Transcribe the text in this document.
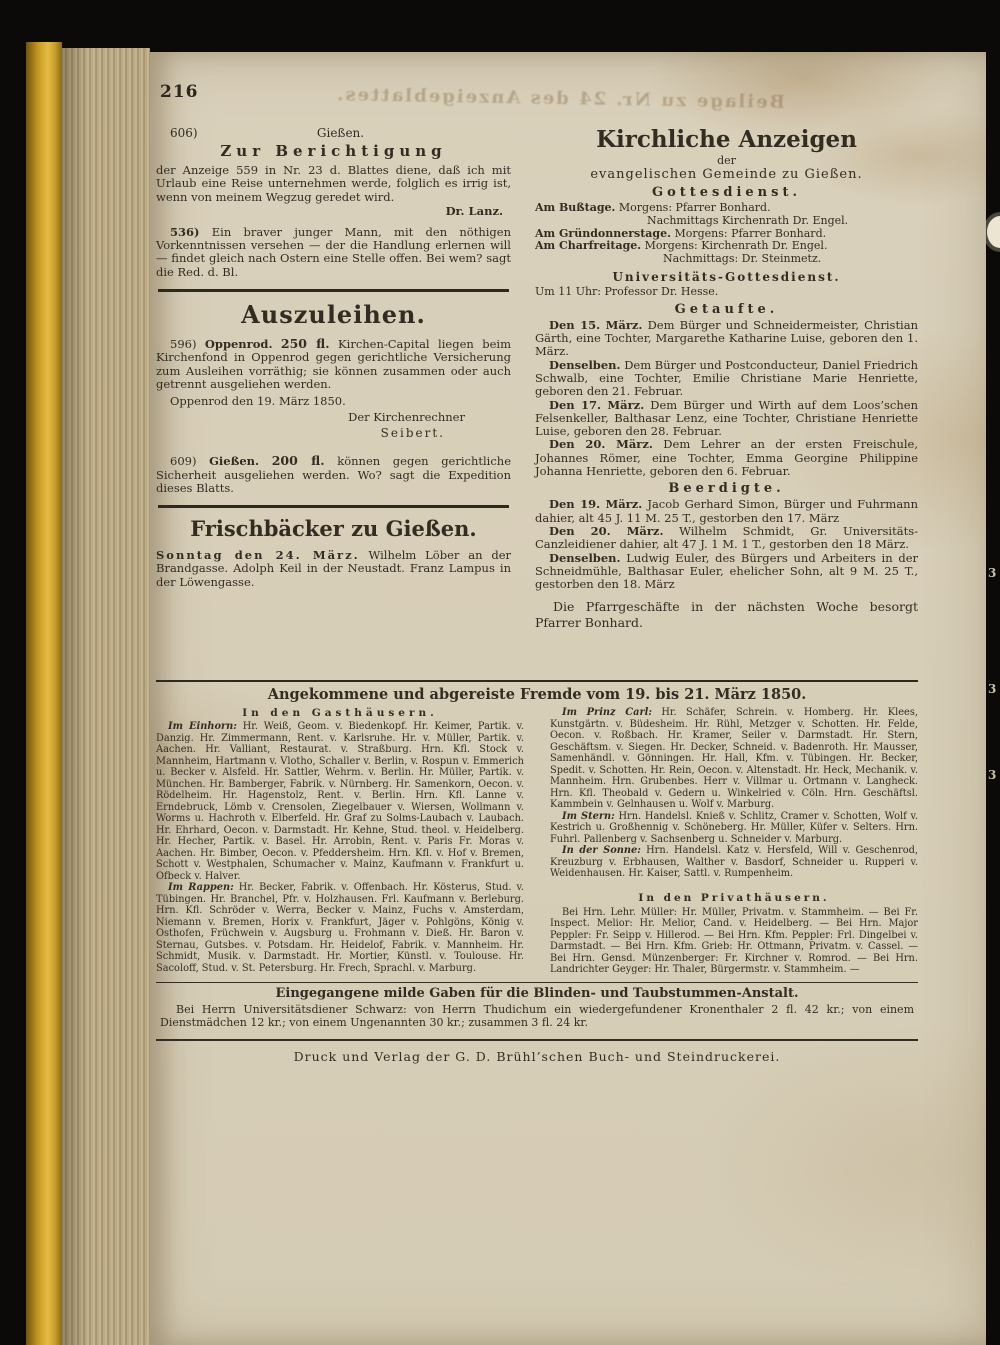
3
3
3
Beilage zu Nr. 24 des Anzeigeblattes.
216
606)	Gießen.
Zur Berichtigung

der Anzeige 559 in Nr. 23 d. Blattes diene, daß ich mit Urlaub eine Reise unternehmen werde, folglich es irrig ist, wenn von meinem Wegzug geredet wird.

Dr. Lanz.

536) Ein braver junger Mann, mit den nöthigen Vorkenntnissen versehen — der die Handlung erlernen will — findet gleich nach Ostern eine Stelle offen. Bei wem? sagt die Red. d. Bl.

Auszuleihen.

596) Oppenrod. 250 fl. Kirchen-Capital liegen beim Kirchenfond in Oppenrod gegen gerichtliche Versicherung zum Ausleihen vorräthig; sie können zusammen oder auch getrennt ausgeliehen werden.

Oppenrod den 19. März 1850.
Der Kirchenrechner
Seibert.

609) Gießen. 200 fl. können gegen gerichtliche Sicherheit ausgeliehen werden. Wo? sagt die Expedition dieses Blatts.

Frischbäcker zu Gießen.

Sonntag den 24. März. Wilhelm Löber an der Brandgasse. Adolph Keil in der Neustadt. Franz Lampus in der Löwengasse.

Kirchliche Anzeigen
der
evangelischen Gemeinde zu Gießen.
Gottesdienst.
Am Bußtage. Morgens: Pfarrer Bonhard.
Nachmittags Kirchenrath Dr. Engel.
Am Gründonnerstage. Morgens: Pfarrer Bonhard.
Am Charfreitage. Morgens: Kirchenrath Dr. Engel.
Nachmittags: Dr. Steinmetz.
Universitäts-Gottesdienst.
Um 11 Uhr: Professor Dr. Hesse.
Getaufte.

Den 15. März. Dem Bürger und Schneidermeister, Christian Gärth, eine Tochter, Margarethe Katharine Luise, geboren den 1. März.

Denselben. Dem Bürger und Postconducteur, Daniel Friedrich Schwalb, eine Tochter, Emilie Christiane Marie Henriette, geboren den 21. Februar.

Den 17. März. Dem Bürger und Wirth auf dem Loos’schen Felsenkeller, Balthasar Lenz, eine Tochter, Christiane Henriette Luise, geboren den 28. Februar.

Den 20. März. Dem Lehrer an der ersten Freischule, Johannes Römer, eine Tochter, Emma Georgine Philippine Johanna Henriette, geboren den 6. Februar.

Beerdigte.

Den 19. März. Jacob Gerhard Simon, Bürger und Fuhrmann dahier, alt 45 J. 11 M. 25 T., gestorben den 17. März

Den 20. März. Wilhelm Schmidt, Gr. Universitäts-Canzleidiener dahier, alt 47 J. 1 M. 1 T., gestorben den 18 März.

Denselben. Ludwig Euler, des Bürgers und Arbeiters in der Schneidmühle, Balthasar Euler, ehelicher Sohn, alt 9 M. 25 T., gestorben den 18. März

Die Pfarrgeschäfte in der nächsten Woche besorgt Pfarrer Bonhard.

Angekommene und abgereiste Fremde vom 19. bis 21. März 1850.
In den Gasthäusern.

Im Einhorn: Hr. Weiß, Geom. v. Biedenkopf. Hr. Keimer, Partik. v. Danzig. Hr. Zimmermann, Rent. v. Karlsruhe. Hr. v. Müller, Partik. v. Aachen. Hr. Valliant, Restaurat. v. Straßburg. Hrn. Kfl. Stock v. Mannheim, Hartmann v. Vlotho, Schaller v. Berlin, v. Rospun v. Emmerich u. Becker v. Alsfeld. Hr. Sattler, Wehrm. v. Berlin. Hr. Müller, Partik. v. München. Hr. Bamberger, Fabrik. v. Nürnberg. Hr. Samenkorn, Oecon. v. Rödelheim. Hr. Hagenstolz, Rent. v. Berlin. Hrn. Kfl. Lanne v. Erndebruck, Lömb v. Crensolen, Ziegelbauer v. Wiersen, Wollmann v. Worms u. Hachroth v. Elberfeld. Hr. Graf zu Solms-Laubach v. Laubach. Hr. Ehrhard, Oecon. v. Darmstadt. Hr. Kehne, Stud. theol. v. Heidelberg. Hr. Hecher, Partik. v. Basel. Hr. Arrobin, Rent. v. Paris Fr. Moras v. Aachen. Hr. Bimber, Oecon. v. Pfeddersheim. Hrn. Kfl. v. Hof v. Bremen, Schott v. Westphalen, Schumacher v. Mainz, Kaufmann v. Frankfurt u. Ofbeck v. Halver.

Im Rappen: Hr. Becker, Fabrik. v. Offenbach. Hr. Kösterus, Stud. v. Tübingen. Hr. Branchel, Pfr. v. Holzhausen. Frl. Kaufmann v. Berleburg. Hrn. Kfl. Schröder v. Werra, Becker v. Mainz, Fuchs v. Amsterdam, Niemann v. Bremen, Horix v. Frankfurt, Jäger v. Pohlgöns, König v. Osthofen, Früchwein v. Augsburg u. Frohmann v. Dieß. Hr. Baron v. Sternau, Gutsbes. v. Potsdam. Hr. Heidelof, Fabrik. v. Mannheim. Hr. Schmidt, Musik. v. Darmstadt. Hr. Mortier, Künstl. v. Toulouse. Hr. Sacoloff, Stud. v. St. Petersburg. Hr. Frech, Sprachl. v. Marburg.

Im Prinz Carl: Hr. Schäfer, Schrein. v. Homberg. Hr. Klees, Kunstgärtn. v. Büdesheim. Hr. Rühl, Metzger v. Schotten. Hr. Felde, Oecon. v. Roßbach. Hr. Kramer, Seiler v. Darmstadt. Hr. Stern, Geschäftsm. v. Siegen. Hr. Decker, Schneid. v. Badenroth. Hr. Mausser, Samenhändl. v. Gönningen. Hr. Hall, Kfm. v. Tübingen. Hr. Becker, Spedit. v. Schotten. Hr. Rein, Oecon. v. Altenstadt. Hr. Heck, Mechanik. v. Mannheim. Hrn. Grubenbes. Herr v. Villmar u. Ortmann v. Langheck. Hrn. Kfl. Theobald v. Gedern u. Winkelried v. Cöln. Hrn. Geschäftsl. Kammbein v. Gelnhausen u. Wolf v. Marburg.

Im Stern: Hrn. Handelsl. Knieß v. Schlitz, Cramer v. Schotten, Wolf v. Kestrich u. Großhennig v. Schöneberg. Hr. Müller, Küfer v. Selters. Hrn. Fuhrl. Pallenberg v. Sachsenberg u. Schneider v. Marburg.

In der Sonne: Hrn. Handelsl. Katz v. Hersfeld, Will v. Geschenrod, Kreuzburg v. Erbhausen, Walther v. Basdorf, Schneider u. Rupperi v. Weidenhausen. Hr. Kaiser, Sattl. v. Rumpenheim.

In den Privathäusern.

Bei Hrn. Lehr. Müller: Hr. Müller, Privatm. v. Stammheim. — Bei Fr. Inspect. Melior: Hr. Melior, Cand. v. Heidelberg. — Bei Hrn. Major Peppler: Fr. Seipp v. Hillerod. — Bei Hrn. Kfm. Peppler: Frl. Dingelbei v. Darmstadt. — Bei Hrn. Kfm. Grieb: Hr. Ottmann, Privatm. v. Cassel. — Bei Hrn. Gensd. Münzenberger: Fr. Kirchner v. Romrod. — Bei Hrn. Landrichter Geyger: Hr. Thaler, Bürgermstr. v. Stammheim. —

Eingegangene milde Gaben für die Blinden- und Taubstummen-Anstalt.

Bei Herrn Universitätsdiener Schwarz: von Herrn Thudichum ein wiedergefundener Kronenthaler 2 fl. 42 kr.; von einem Dienstmädchen 12 kr.; von einem Ungenannten 30 kr.; zusammen 3 fl. 24 kr.

Druck und Verlag der G. D. Brühl’schen Buch- und Steindruckerei.
